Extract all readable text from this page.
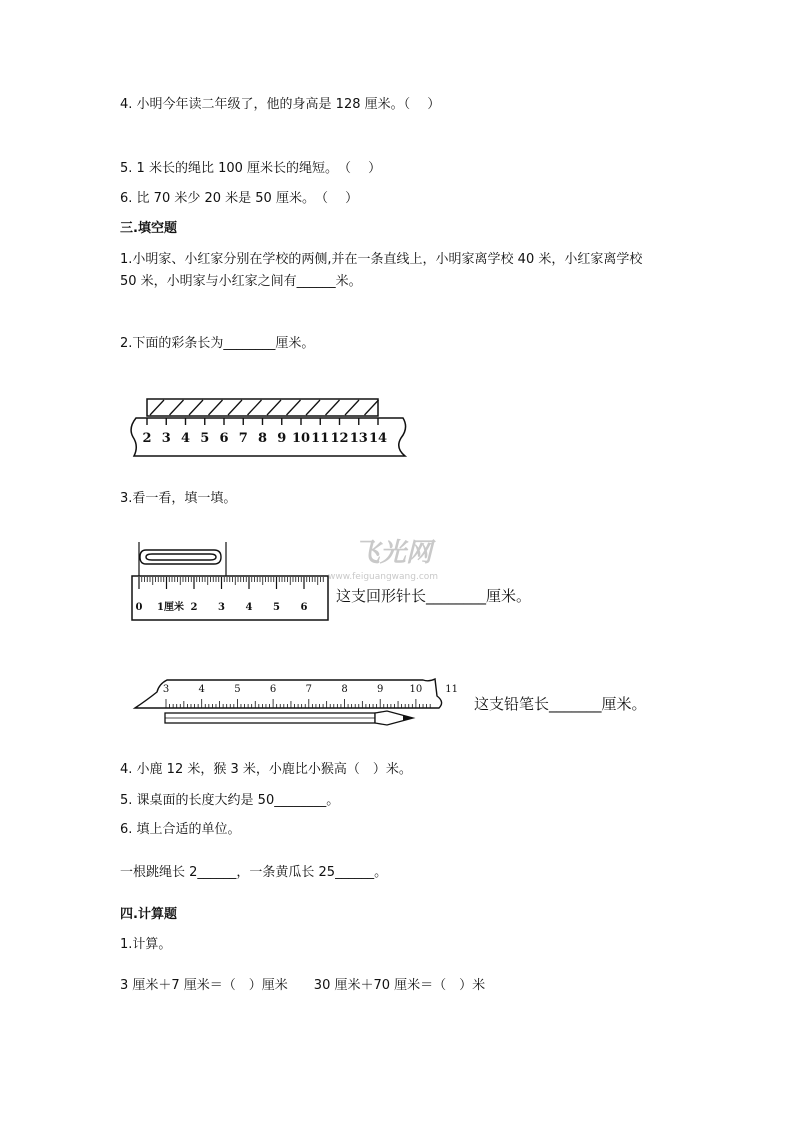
4. 小明今年读二年级了，他的身高是 128 厘米。（　 ）
5. 1 米长的绳比 100 厘米长的绳短。　（　 ）
6. 比 70 米少 20 米是 50 厘米。　（　 ）
三.填空题
1.小明家、小红家分别在学校的两侧,并在一条直线上，小明家离学校 40 米，小红家离学校
50 米，小明家与小红家之间有______米。
2.下面的彩条长为________厘米。
2 3 4 5 6 7 8 9 10 11 12 13 14
3.看一看，填一填。
飞光网
www.feiguangwang.com
0 1厘米 2 3 4 5 6
这支回形针长________厘米。
3	4	5	6	7	8	9	10 11
这支铅笔长_______厘米。
4. 小鹿 12 米，猴 3 米，小鹿比小猴高（　）米。
5. 课桌面的长度大约是 50________。
6. 填上合适的单位。
一根跳绳长 2______，一条黄瓜长 25______。
四.计算题
1.计算。
3 厘米＋7 厘米＝（　）厘米　　30 厘米＋70 厘米＝（　）米
